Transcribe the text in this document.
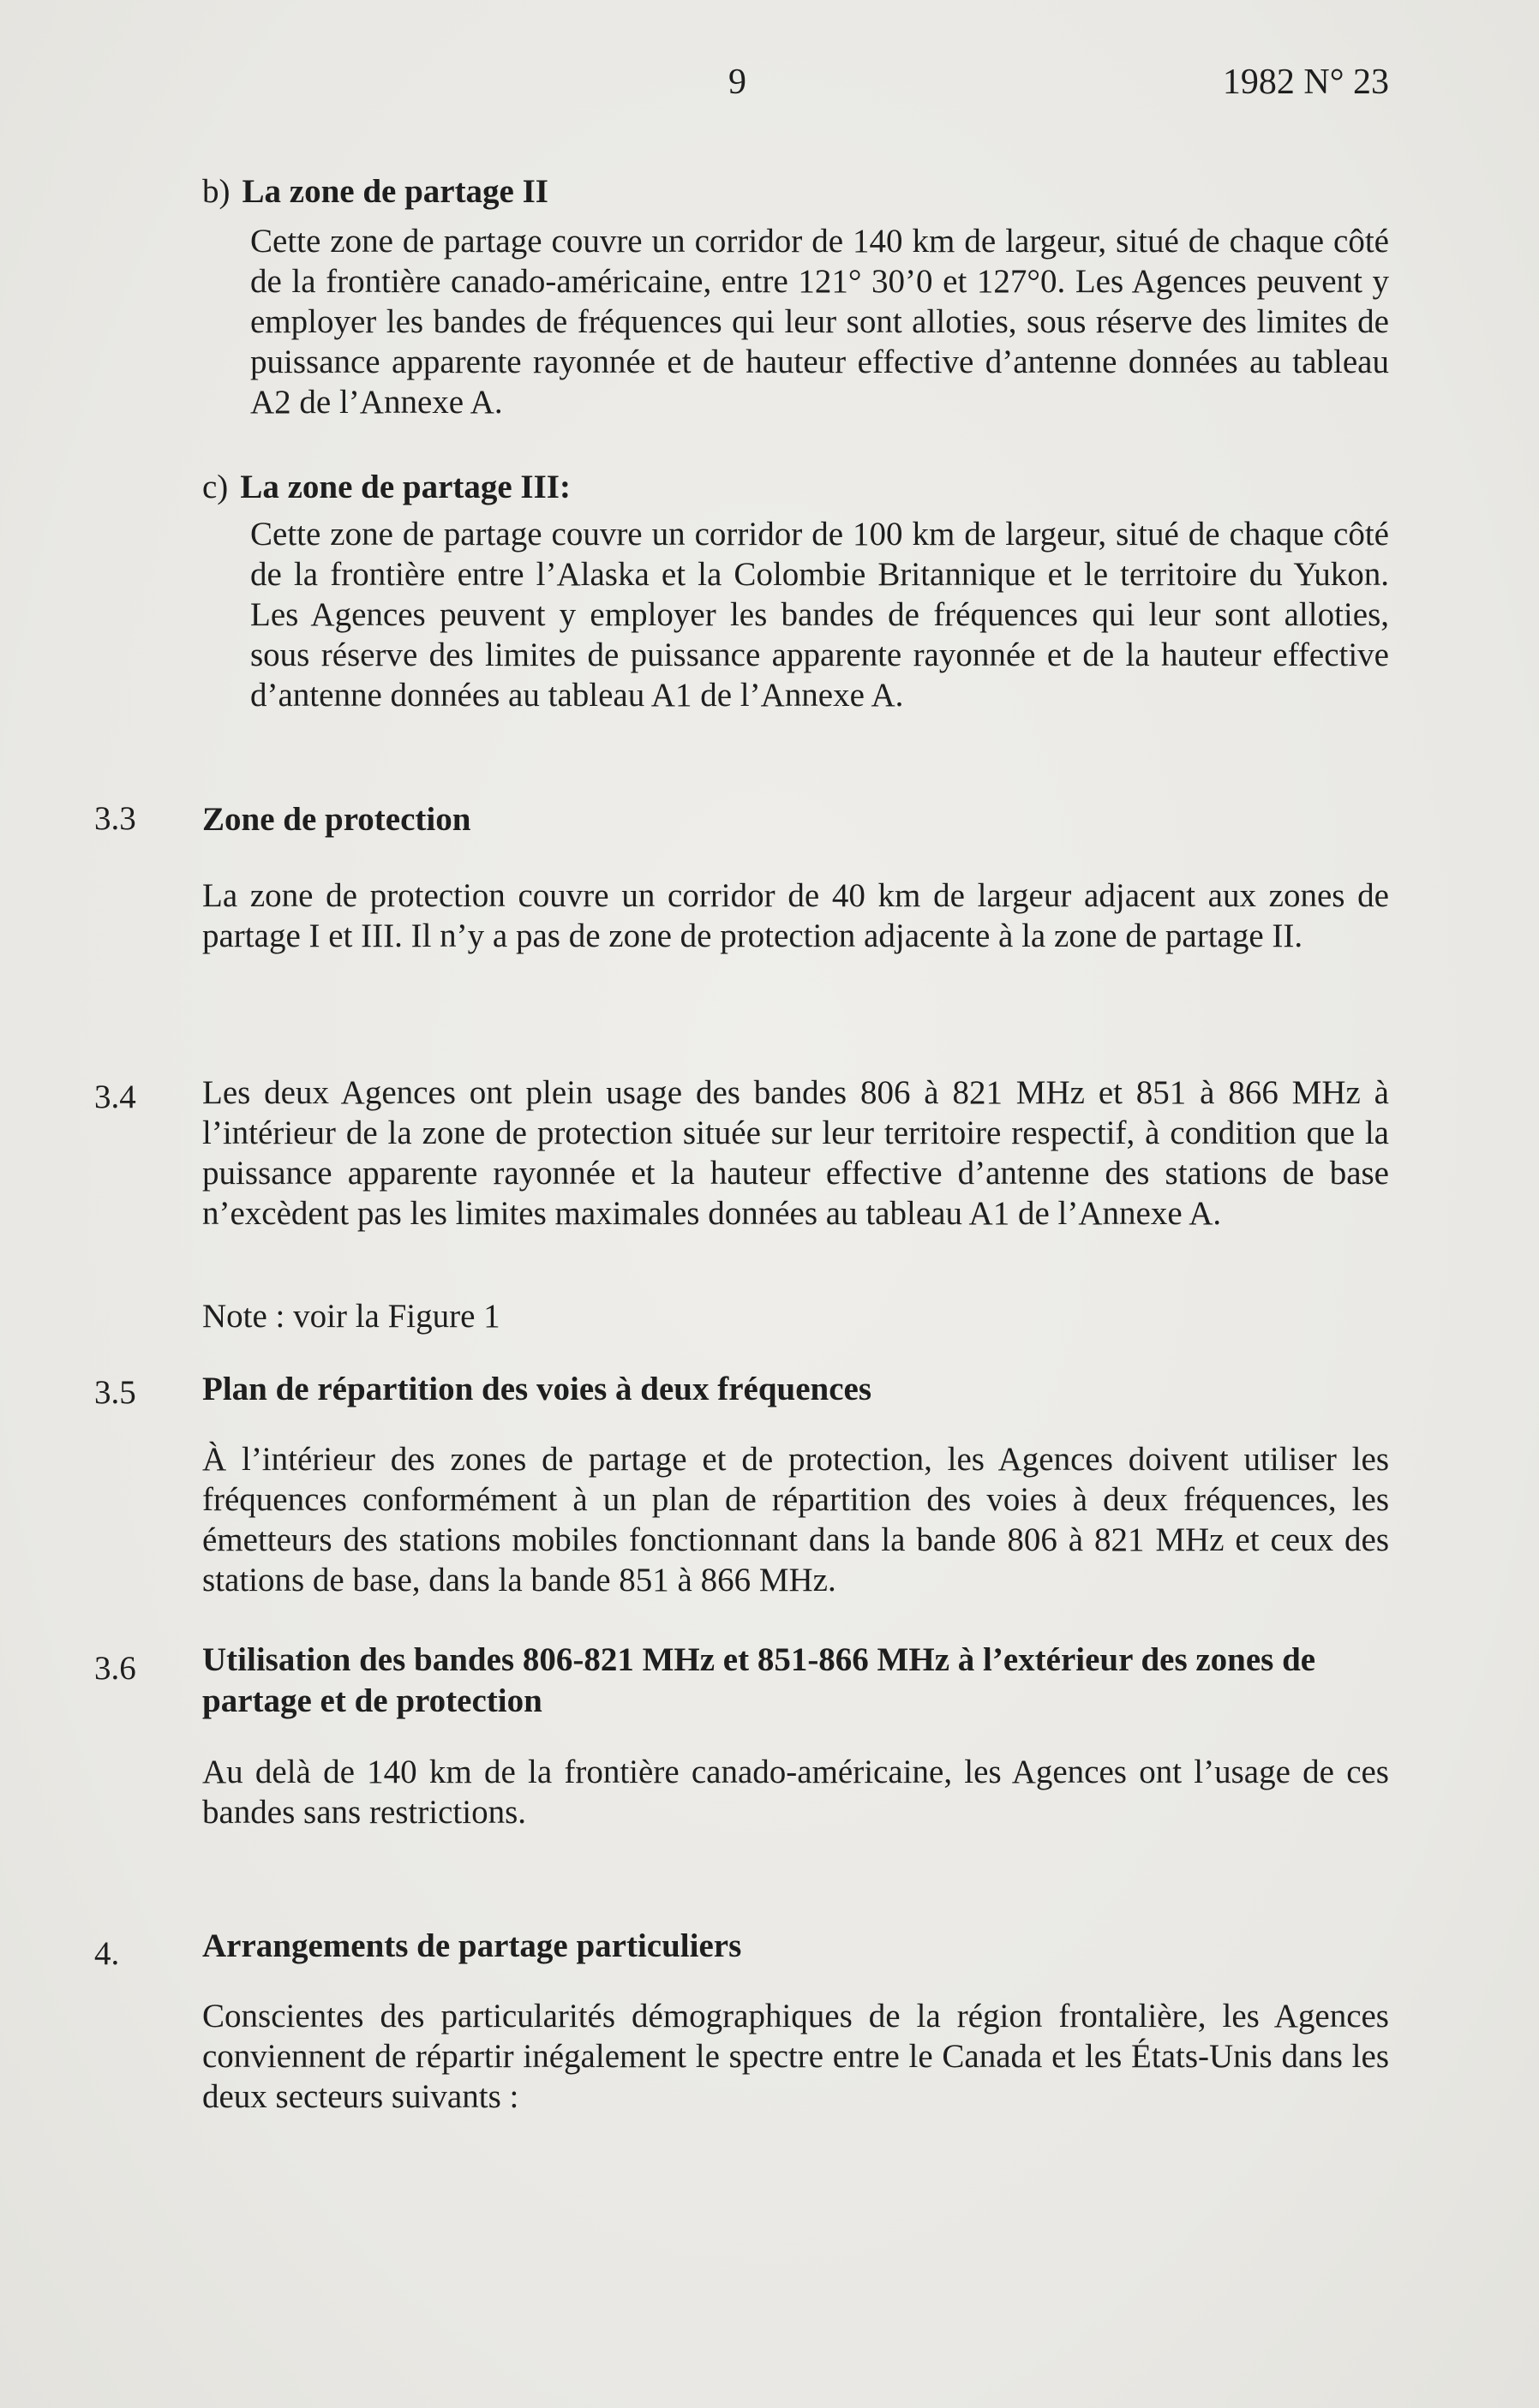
9	1982 N° 23
b) La zone de partage II
Cette zone de partage couvre un corridor de 140 km de largeur, situé de chaque côté de la frontière canado-américaine, entre 121° 30’0 et 127°0. Les Agences peuvent y employer les bandes de fréquences qui leur sont alloties, sous réserve des limites de puissance apparente rayonnée et de hauteur effective d’antenne données au tableau A2 de l’Annexe A.
c) La zone de partage III:
Cette zone de partage couvre un corridor de 100 km de largeur, situé de chaque côté de la frontière entre l’Alaska et la Colombie Britannique et le territoire du Yukon. Les Agences peuvent y employer les bandes de fréquences qui leur sont alloties, sous réserve des limites de puissance apparente rayonnée et de la hauteur effective d’antenne données au tableau A1 de l’Annexe A.
3.3 Zone de protection
La zone de protection couvre un corridor de 40 km de largeur adjacent aux zones de partage I et III. Il n’y a pas de zone de protection adjacente à la zone de partage II.
3.4 Les deux Agences ont plein usage des bandes 806 à 821 MHz et 851 à 866 MHz à l’intérieur de la zone de protection située sur leur territoire respectif, à condition que la puissance apparente rayonnée et la hauteur effective d’antenne des stations de base n’excèdent pas les limites maximales données au tableau A1 de l’Annexe A.
Note : voir la Figure 1
3.5 Plan de répartition des voies à deux fréquences
À l’intérieur des zones de partage et de protection, les Agences doivent utiliser les fréquences conformément à un plan de répartition des voies à deux fréquences, les émetteurs des stations mobiles fonctionnant dans la bande 806 à 821 MHz et ceux des stations de base, dans la bande 851 à 866 MHz.
3.6 Utilisation des bandes 806-821 MHz et 851-866 MHz à l’extérieur des zones de partage et de protection
Au delà de 140 km de la frontière canado-américaine, les Agences ont l’usage de ces bandes sans restrictions.
4. Arrangements de partage particuliers
Conscientes des particularités démographiques de la région frontalière, les Agences conviennent de répartir inégalement le spectre entre le Canada et les États-Unis dans les deux secteurs suivants :
